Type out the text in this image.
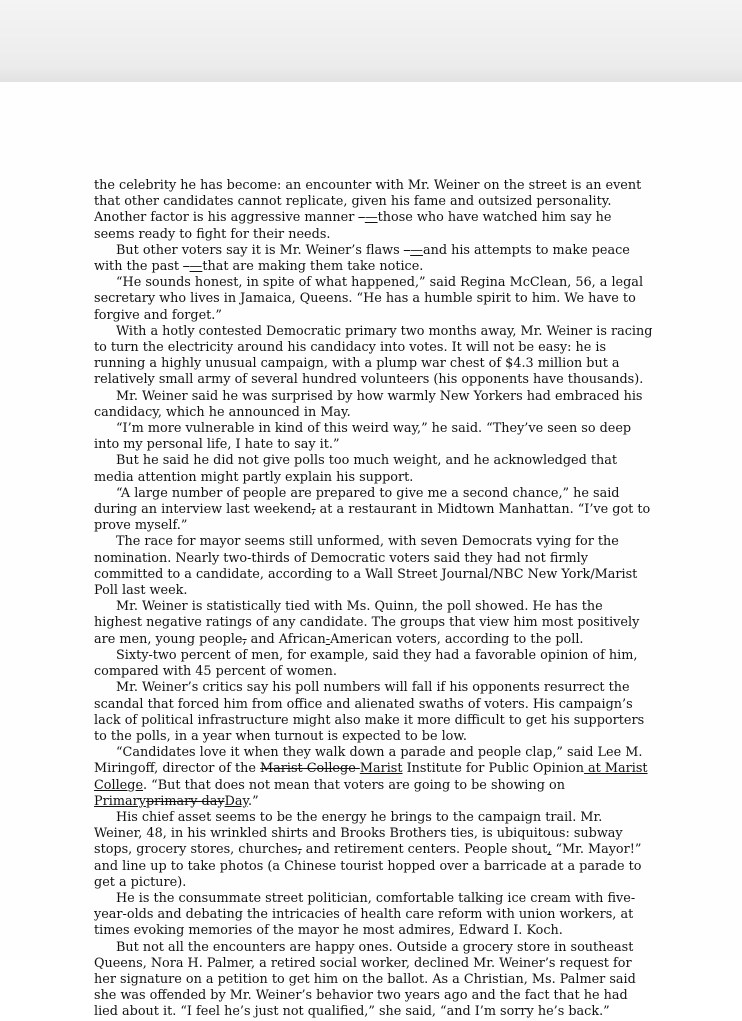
the celebrity he has become: an encounter with Mr. Weiner on the street is an event that other candidates cannot replicate, given his fame and outsized personality. Another factor is his aggressive manner –—those who have watched him say he seems ready to fight for their needs.

But other voters say it is Mr. Weiner’s flaws –—and his attempts to make peace with the past –—that are making them take notice.

“He sounds honest, in spite of what happened,” said Regina McClean, 56, a legal secretary who lives in Jamaica, Queens. “He has a humble spirit to him. We have to forgive and forget.”

With a hotly contested Democratic primary two months away, Mr. Weiner is racing to turn the electricity around his candidacy into votes. It will not be easy: he is running a highly unusual campaign, with a plump war chest of $4.3 million but a relatively small army of several hundred volunteers (his opponents have thousands).

Mr. Weiner said he was surprised by how warmly New Yorkers had embraced his candidacy, which he announced in May.

“I’m more vulnerable in kind of this weird way,” he said. “They’ve seen so deep into my personal life, I hate to say it.”

But he said he did not give polls too much weight, and he acknowledged that media attention might partly explain his support.

“A large number of people are prepared to give me a second chance,” he said during an interview last weekend, at a restaurant in Midtown Manhattan. “I’ve got to prove myself.”

The race for mayor seems still unformed, with seven Democrats vying for the nomination. Nearly two-thirds of Democratic voters said they had not firmly committed to a candidate, according to a Wall Street Journal/NBC New York/Marist Poll last week.

Mr. Weiner is statistically tied with Ms. Quinn, the poll showed. He has the highest negative ratings of any candidate. The groups that view him most positively are men, young people, and African-American voters, according to the poll.

Sixty-two percent of men, for example, said they had a favorable opinion of him, compared with 45 percent of women.

Mr. Weiner’s critics say his poll numbers will fall if his opponents resurrect the scandal that forced him from office and alienated swaths of voters. His campaign’s lack of political infrastructure might also make it more difficult to get his supporters to the polls, in a year when turnout is expected to be low.

“Candidates love it when they walk down a parade and people clap,” said Lee M. Miringoff, director of the Marist College Marist Institute for Public Opinion at Marist College. “But that does not mean that voters are going to be showing on Primaryprimary dayDay.”

His chief asset seems to be the energy he brings to the campaign trail. Mr. Weiner, 48, in his wrinkled shirts and Brooks Brothers ties, is ubiquitous: subway stops, grocery stores, churches, and retirement centers. People shout, “Mr. Mayor!” and line up to take photos (a Chinese tourist hopped over a barricade at a parade to get a picture).

He is the consummate street politician, comfortable talking ice cream with five-year-olds and debating the intricacies of health care reform with union workers, at times evoking memories of the mayor he most admires, Edward I. Koch.

But not all the encounters are happy ones. Outside a grocery store in southeast Queens, Nora H. Palmer, a retired social worker, declined Mr. Weiner’s request for her signature on a petition to get him on the ballot. As a Christian, Ms. Palmer said she was offended by Mr. Weiner’s behavior two years ago and the fact that he had lied about it. “I feel he’s just not qualified,” she said, “and I’m sorry he’s back.”
